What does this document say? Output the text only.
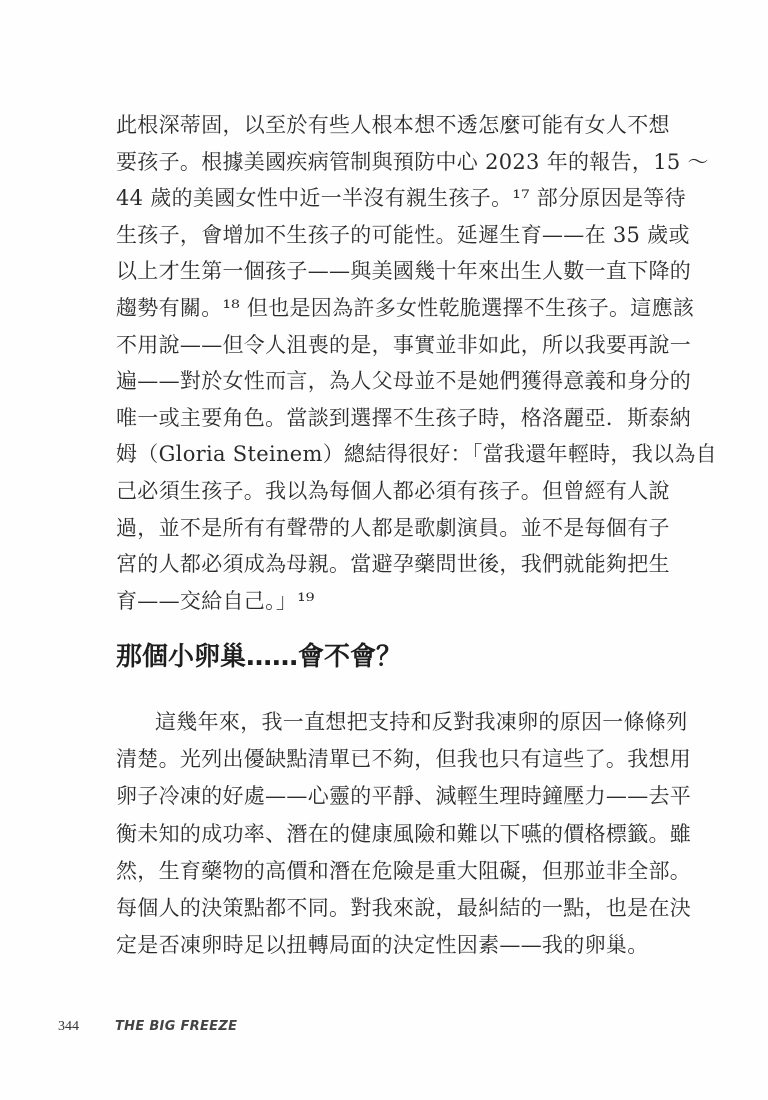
此根深蒂固，以至於有些人根本想不透怎麼可能有女人不想
要孩子。根據美國疾病管制與預防中心 2023 年的報告，15 ～
44 歲的美國女性中近一半沒有親生孩子。¹⁷ 部分原因是等待
生孩子，會增加不生孩子的可能性。延遲生育——在 35 歲或
以上才生第一個孩子——與美國幾十年來出生人數一直下降的
趨勢有關。¹⁸ 但也是因為許多女性乾脆選擇不生孩子。這應該
不用說——但令人沮喪的是，事實並非如此，所以我要再說一
遍——對於女性而言，為人父母並不是她們獲得意義和身分的
唯一或主要角色。當談到選擇不生孩子時，格洛麗亞．斯泰納
姆（Gloria Steinem）總結得很好：「當我還年輕時，我以為自
己必須生孩子。我以為每個人都必須有孩子。但曾經有人說
過，並不是所有有聲帶的人都是歌劇演員。並不是每個有子
宮的人都必須成為母親。當避孕藥問世後，我們就能夠把生
育——交給自己。」¹⁹
那個小卵巢……會不會？
這幾年來，我一直想把支持和反對我凍卵的原因一條條列
清楚。光列出優缺點清單已不夠，但我也只有這些了。我想用
卵子冷凍的好處——心靈的平靜、減輕生理時鐘壓力——去平
衡未知的成功率、潛在的健康風險和難以下嚥的價格標籤。雖
然，生育藥物的高價和潛在危險是重大阻礙，但那並非全部。
每個人的決策點都不同。對我來說，最糾結的一點，也是在決
定是否凍卵時足以扭轉局面的決定性因素——我的卵巢。
344	THE BIG FREEZE
